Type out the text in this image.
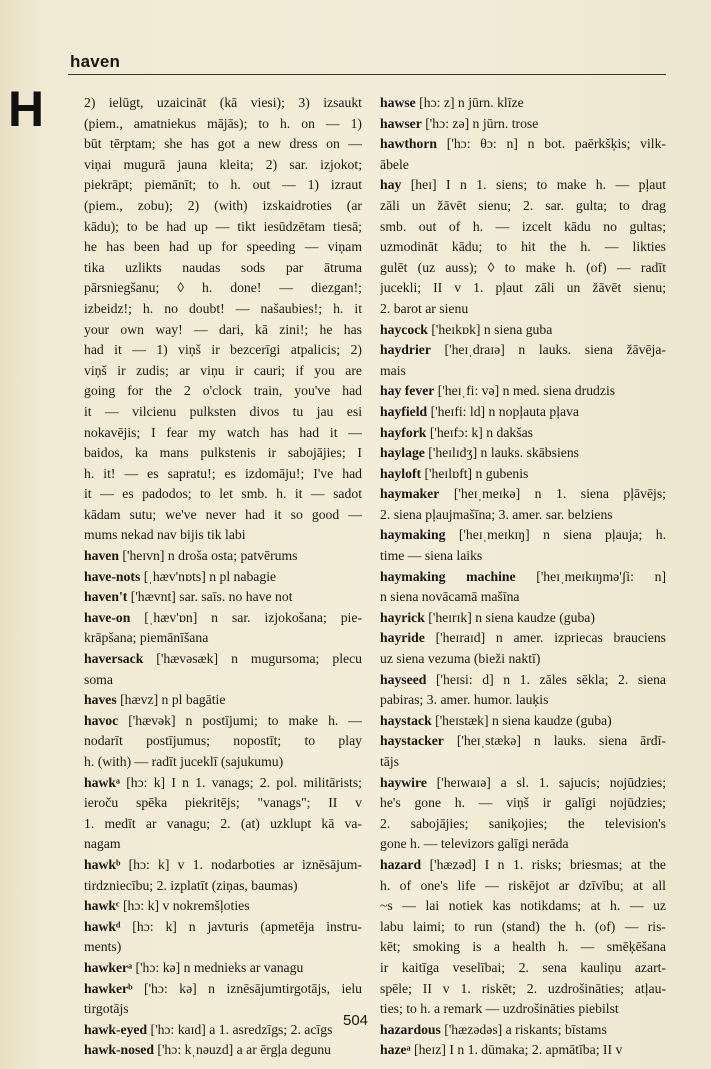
haven
H	2) ielūgt, uzaicināt (kā viesi); 3) izsaukt
(piem., amatniekus mājās); to h. on — 1)
būt tērptam; she has got a new dress on —
viņai mugurā jauna kleita; 2) sar. izjokot;
piekrāpt; piemānīt; to h. out — 1) izraut
(piem., zobu); 2) (with) izskaidroties (ar
kādu); to be had up — tikt iesūdzētam tiesā;
he has been had up for speeding — viņam
tika uzlikts naudas sods par ātruma
pārsniegšanu; ◊ h. done! — diezgan!;
izbeidz!; h. no doubt! — našaubies!; h. it
your own way! — dari, kā zini!; he has
had it — 1) viņš ir bezcerīgi atpalicis; 2)
viņš ir zudis; ar viņu ir cauri; if you are
going for the 2 o'clock train, you've had
it — vilcienu pulksten divos tu jau esi
nokavējis; I fear my watch has had it —
baidos, ka mans pulkstenis ir sabojājies; I
h. it! — es sapratu!; es izdomāju!; I've had
it — es padodos; to let smb. h. it — sadot
kādam sutu; we've never had it so good —
mums nekad nav bijis tik labi
haven ['heɪvn] n droša osta; patvērums
have-nots [ˌhæv'nɒts] n pl nabagie
haven't ['hævnt] sar. saīs. no have not
have-on [ˌhæv'ɒn] n sar. izjokošana; pie-
krāpšana; piemānīšana
haversack ['hævəsæk] n mugursoma; plecu
soma
haves [hævz] n pl bagātie
havoc ['hævək] n postījumi; to make h. —
nodarīt postījumus; nopostīt; to play
h. (with) — radīt juceklī (sajukumu)
hawkᵃ [hɔ: k] I n 1. vanags; 2. pol. militārists;
ieroču spēka piekritējs; "vanags"; II v
1. medīt ar vanagu; 2. (at) uzklupt kā va-
nagam
hawkᵇ [hɔ: k] v 1. nodarboties ar iznēsājum-
tirdzniecību; 2. izplatīt (ziņas, baumas)
hawkᶜ [hɔ: k] v nokremšļoties
hawkᵈ [hɔ: k] n javturis (apmetēja instru-
ments)
hawkerᵃ ['hɔ: kə] n mednieks ar vanagu
hawkerᵇ ['hɔ: kə] n iznēsājumtirgotājs, ielu
tirgotājs
hawk-eyed ['hɔ: kaɪd] a 1. asredzīgs; 2. acīgs
hawk-nosed ['hɔ: kˌnəuzd] a ar ērgļa degunu
hawse [hɔ: z] n jūrn. klīze
hawser ['hɔ: zə] n jūrn. trose
hawthorn ['hɔ: θɔ: n] n bot. paērkšķis; vilk-
ābele
hay [heɪ] I n 1. siens; to make h. — pļaut
zāli un žāvēt sienu; 2. sar. gulta; to drag
smb. out of h. — izcelt kādu no gultas;
uzmodināt kādu; to hit the h. — likties
gulēt (uz auss); ◊ to make h. (of) — radīt
jucekli; II v 1. pļaut zāli un žāvēt sienu;
2. barot ar sienu
haycock ['heɪkɒk] n siena guba
haydrier ['heɪˌdraɪə] n lauks. siena žāvēja-
mais
hay fever ['heɪˌfi: və] n med. siena drudzis
hayfield ['heɪfi: ld] n nopļauta pļava
hayfork ['heɪfɔ: k] n dakšas
haylage ['heɪlɪdʒ] n lauks. skābsiens
hayloft ['heɪlɒft] n gubenis
haymaker ['heɪˌmeɪkə] n 1. siena pļāvējs;
2. siena pļaujmašīna; 3. amer. sar. belziens
haymaking ['heɪˌmeɪkɪŋ] n siena pļauja; h.
time — siena laiks
haymaking machine ['heɪˌmeɪkɪŋmə'ʃi: n]
n siena novācamā mašīna
hayrick ['heɪrɪk] n siena kaudze (guba)
hayride ['heɪraɪd] n amer. izpriecas brauciens
uz siena vezuma (bieži naktī)
hayseed ['heɪsi: d] n 1. zāles sēkla; 2. siena
pabiras; 3. amer. humor. lauķis
haystack ['heɪstæk] n siena kaudze (guba)
haystacker ['heɪˌstækə] n lauks. siena ārdī-
tājs
haywire ['heɪwaɪə] a sl. 1. sajucis; nojūdzies;
he's gone h. — viņš ir galīgi nojūdzies;
2. sabojājies; saniķojies; the television's
gone h. — televizors galīgi nerāda
hazard ['hæzəd] I n 1. risks; briesmas; at the
h. of one's life — riskējot ar dzīvību; at all
~s — lai notiek kas notikdams; at h. — uz
labu laimi; to run (stand) the h. (of) — ris-
kēt; smoking is a health h. — smēķēšana
ir kaitīga veselībai; 2. sena kauliņu azart-
spēle; II v 1. riskēt; 2. uzdrošināties; atļau-
ties; to h. a remark — uzdrošināties piebilst
hazardous ['hæzədəs] a riskants; bīstams
hazeᵃ [heɪz] I n 1. dūmaka; 2. apmātība; II v
504
